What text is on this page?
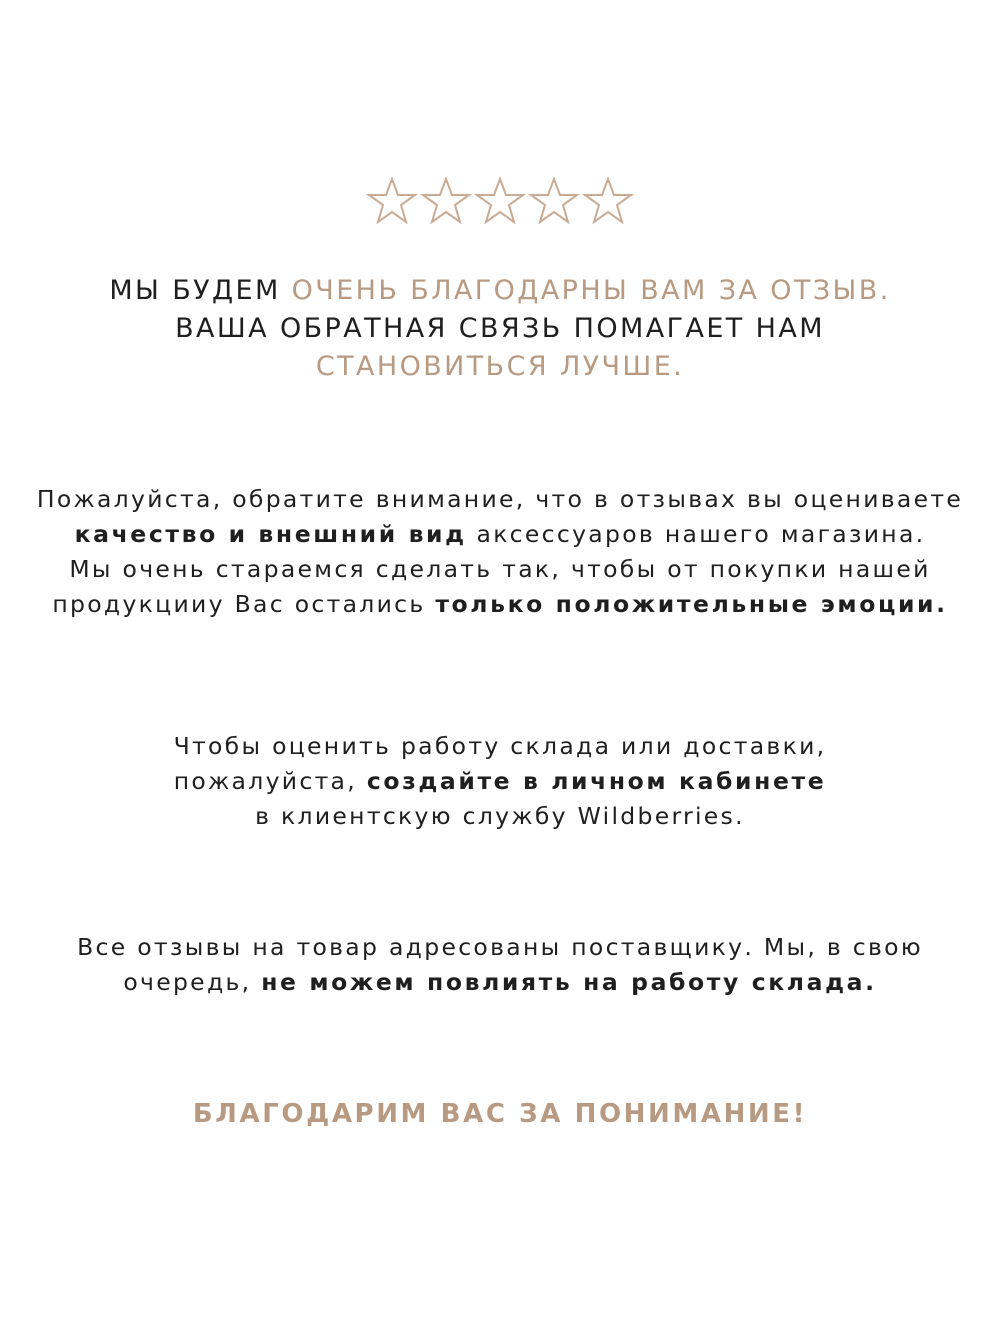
МЫ БУДЕМ ОЧЕНЬ БЛАГОДАРНЫ ВАМ ЗА ОТЗЫВ.
ВАША ОБРАТНАЯ СВЯЗЬ ПОМАГАЕТ НАМ
СТАНОВИТЬСЯ ЛУЧШЕ.

Пожалуйста, обратите внимание, что в отзывах вы оцениваете
качество и внешний вид аксессуаров нашего магазина.
Мы очень стараемся сделать так, чтобы от покупки нашей
продукцииу Вас остались только положительные эмоции.

Чтобы оценить работу склада или доставки,
пожалуйста, создайте в личном кабинете
в клиентскую службу Wildberries.

Все отзывы на товар адресованы поставщику. Мы, в свою
очередь, не можем повлиять на работу склада.

БЛАГОДАРИМ ВАС ЗА ПОНИМАНИЕ!
